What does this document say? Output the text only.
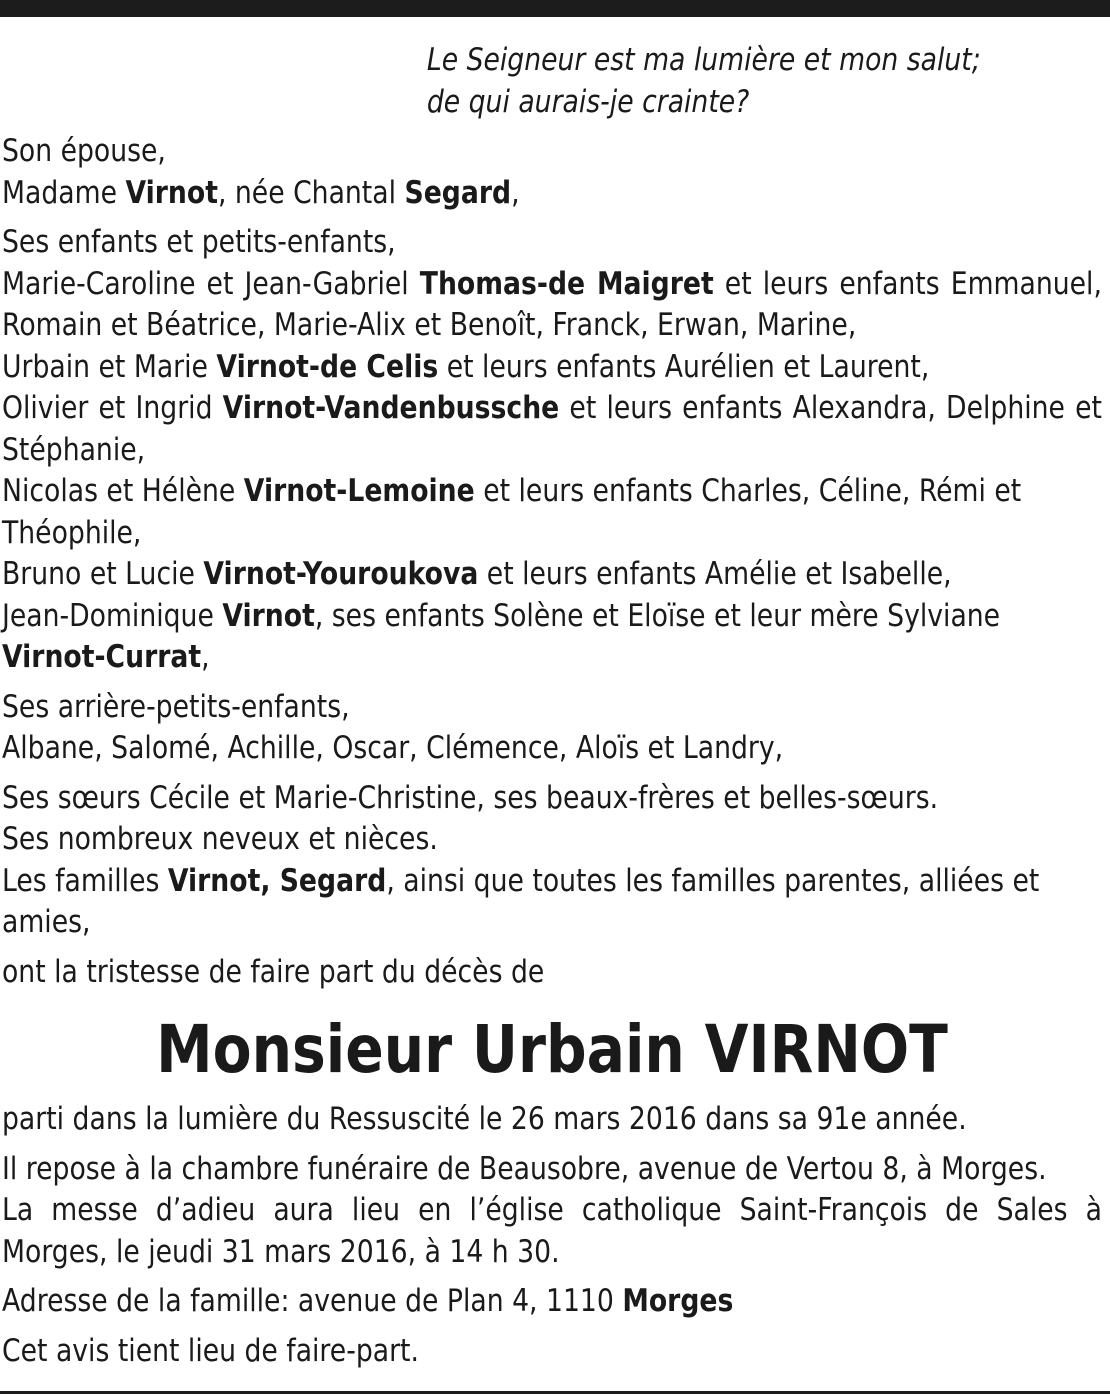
Le Seigneur est ma lumière et mon salut;
de qui aurais-je crainte?
Son épouse,
Madame Virnot, née Chantal Segard,
Ses enfants et petits-enfants,
Marie-Caroline et Jean-Gabriel Thomas-de Maigret et leurs enfants Emmanuel, Romain et Béatrice, Marie-Alix et Benoît, Franck, Erwan, Marine,
Urbain et Marie Virnot-de Celis et leurs enfants Aurélien et Laurent,
Olivier et Ingrid Virnot-Vandenbussche et leurs enfants Alexandra, Delphine et Stéphanie,
Nicolas et Hélène Virnot-Lemoine et leurs enfants Charles, Céline, Rémi et Théophile,
Bruno et Lucie Virnot-Youroukova et leurs enfants Amélie et Isabelle,
Jean-Dominique Virnot, ses enfants Solène et Eloïse et leur mère Sylviane Virnot-Currat,
Ses arrière-petits-enfants,
Albane, Salomé, Achille, Oscar, Clémence, Aloïs et Landry,
Ses sœurs Cécile et Marie-Christine, ses beaux-frères et belles-sœurs.
Ses nombreux neveux et nièces.
Les familles Virnot, Segard, ainsi que toutes les familles parentes, alliées et amies,
ont la tristesse de faire part du décès de
Monsieur Urbain VIRNOT
parti dans la lumière du Ressuscité le 26 mars 2016 dans sa 91e année.
Il repose à la chambre funéraire de Beausobre, avenue de Vertou 8, à Morges.
La messe d’adieu aura lieu en l’église catholique Saint-François de Sales à Morges, le jeudi 31 mars 2016, à 14 h 30.
Adresse de la famille: avenue de Plan 4, 1110 Morges
Cet avis tient lieu de faire-part.
